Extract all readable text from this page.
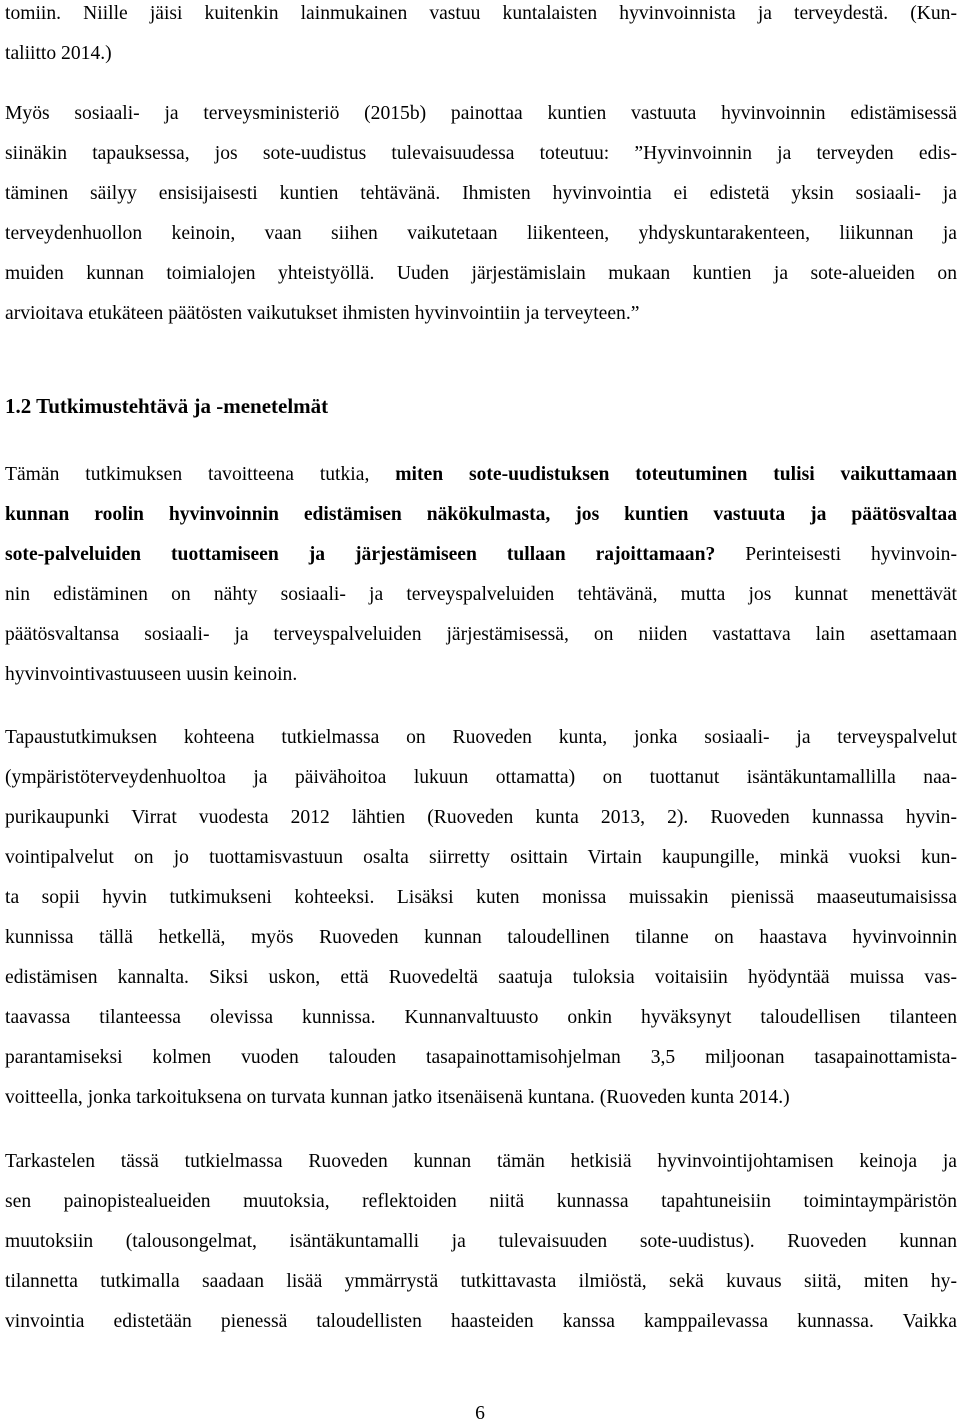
tomiin. Niille jäisi kuitenkin lainmukainen vastuu kuntalaisten hyvinvoinnista ja terveydestä. (Kun-
taliitto 2014.)
Myös sosiaali- ja terveysministeriö (2015b) painottaa kuntien vastuuta hyvinvoinnin edistämisessä
siinäkin tapauksessa, jos sote-uudistus tulevaisuudessa toteutuu: ”Hyvinvoinnin ja terveyden edis-
täminen säilyy ensisijaisesti kuntien tehtävänä. Ihmisten hyvinvointia ei edistetä yksin sosiaali- ja
terveydenhuollon keinoin, vaan siihen vaikutetaan liikenteen, yhdyskuntarakenteen, liikunnan ja
muiden kunnan toimialojen yhteistyöllä. Uuden järjestämislain mukaan kuntien ja sote-alueiden on
arvioitava etukäteen päätösten vaikutukset ihmisten hyvinvointiin ja terveyteen.”
1.2 Tutkimustehtävä ja -menetelmät
Tämän tutkimuksen tavoitteena tutkia, miten sote-uudistuksen toteutuminen tulisi vaikuttamaan
kunnan roolin hyvinvoinnin edistämisen näkökulmasta, jos kuntien vastuuta ja päätösvaltaa
sote-palveluiden tuottamiseen ja järjestämiseen tullaan rajoittamaan? Perinteisesti hyvinvoin-
nin edistäminen on nähty sosiaali- ja terveyspalveluiden tehtävänä, mutta jos kunnat menettävät
päätösvaltansa sosiaali- ja terveyspalveluiden järjestämisessä, on niiden vastattava lain asettamaan
hyvinvointivastuuseen uusin keinoin.
Tapaustutkimuksen kohteena tutkielmassa on Ruoveden kunta, jonka sosiaali- ja terveyspalvelut
(ympäristöterveydenhuoltoa ja päivähoitoa lukuun ottamatta) on tuottanut isäntäkuntamallilla naa-
purikaupunki Virrat vuodesta 2012 lähtien (Ruoveden kunta 2013, 2). Ruoveden kunnassa hyvin-
vointipalvelut on jo tuottamisvastuun osalta siirretty osittain Virtain kaupungille, minkä vuoksi kun-
ta sopii hyvin tutkimukseni kohteeksi. Lisäksi kuten monissa muissakin pienissä maaseutumaisissa
kunnissa tällä hetkellä, myös Ruoveden kunnan taloudellinen tilanne on haastava hyvinvoinnin
edistämisen kannalta. Siksi uskon, että Ruovedeltä saatuja tuloksia voitaisiin hyödyntää muissa vas-
taavassa tilanteessa olevissa kunnissa. Kunnanvaltuusto onkin hyväksynyt taloudellisen tilanteen
parantamiseksi kolmen vuoden talouden tasapainottamisohjelman 3,5 miljoonan tasapainottamista-
voitteella, jonka tarkoituksena on turvata kunnan jatko itsenäisenä kuntana. (Ruoveden kunta 2014.)
Tarkastelen tässä tutkielmassa Ruoveden kunnan tämän hetkisiä hyvinvointijohtamisen keinoja ja
sen painopistealueiden muutoksia, reflektoiden niitä kunnassa tapahtuneisiin toimintaympäristön
muutoksiin (talousongelmat, isäntäkuntamalli ja tulevaisuuden sote-uudistus). Ruoveden kunnan
tilannetta tutkimalla saadaan lisää ymmärrystä tutkittavasta ilmiöstä, sekä kuvaus siitä, miten hy-
vinvointia edistetään pienessä taloudellisten haasteiden kanssa kamppailevassa kunnassa. Vaikka
6
